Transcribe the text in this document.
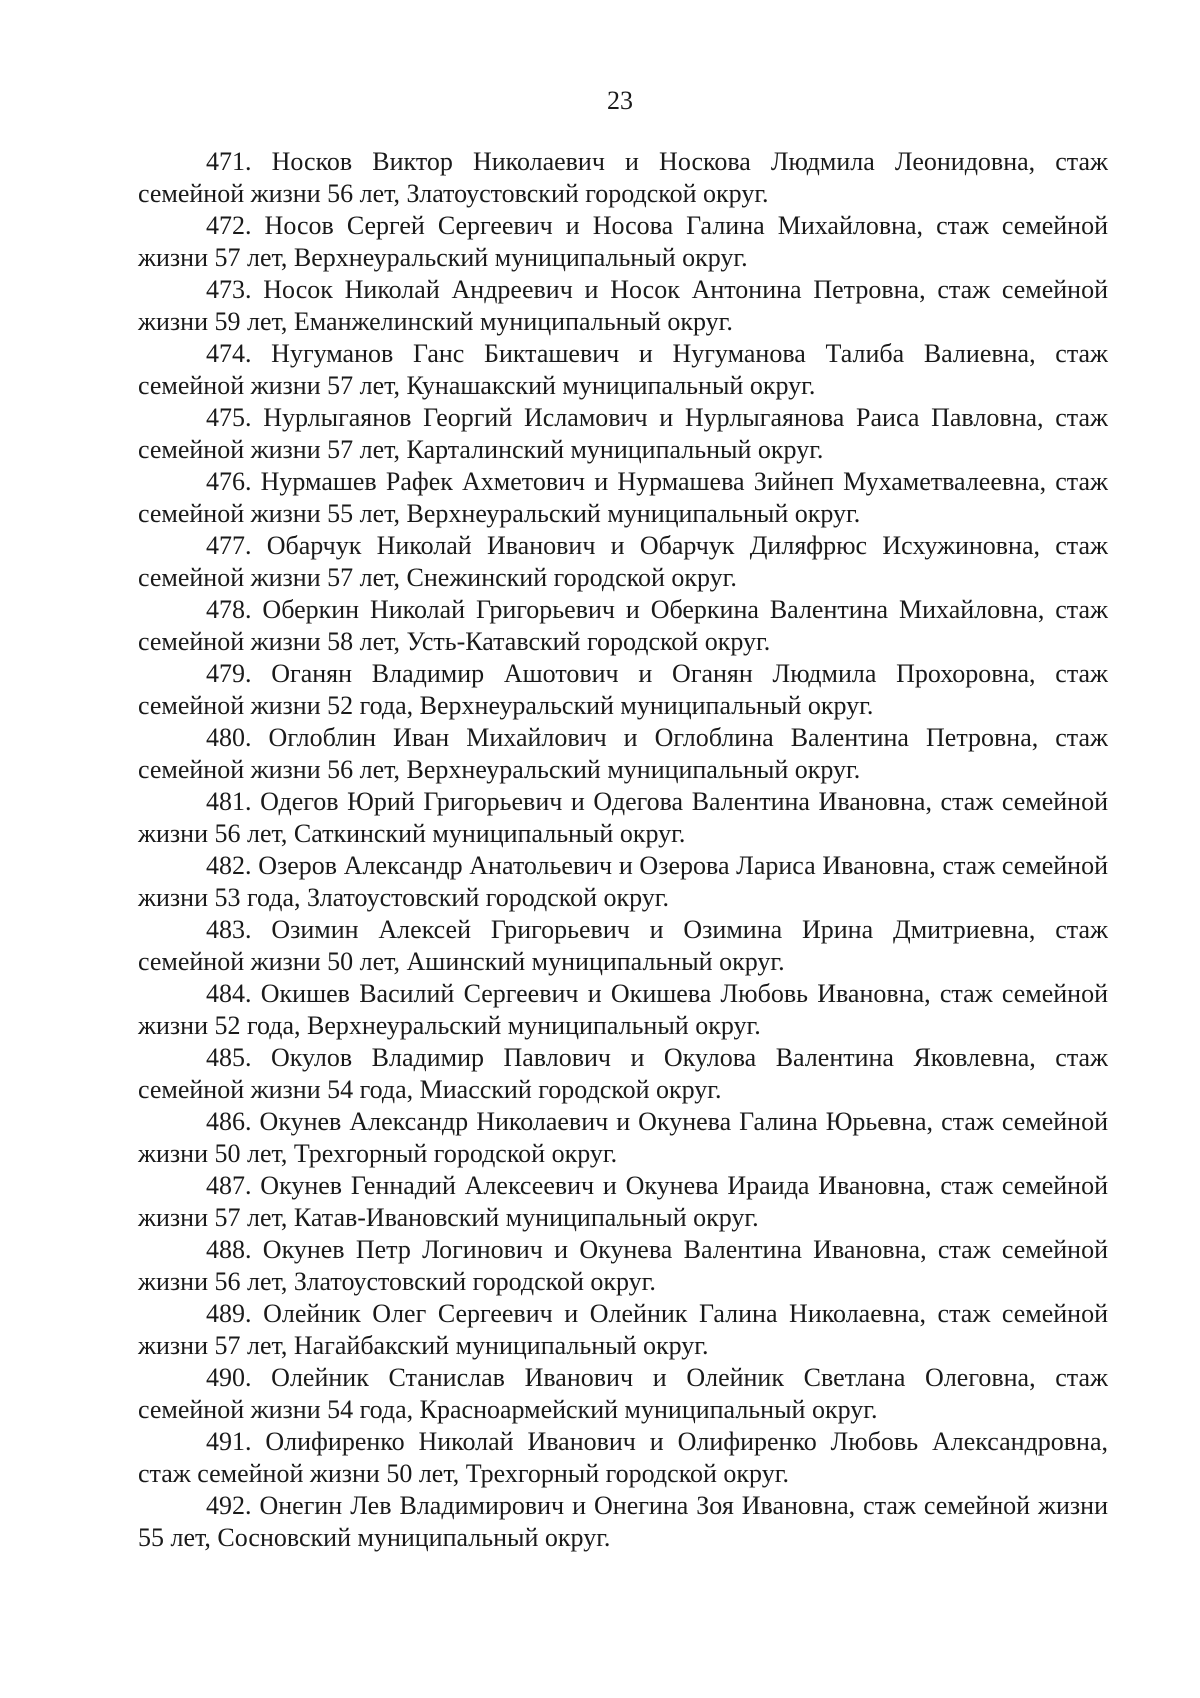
23

471. Носков Виктор Николаевич и Носкова Людмила Леонидовна, стаж семейной жизни 56 лет, Златоустовский городской округ.

472. Носов Сергей Сергеевич и Носова Галина Михайловна, стаж семейной жизни 57 лет, Верхнеуральский муниципальный округ.

473. Носок Николай Андреевич и Носок Антонина Петровна, стаж семейной жизни 59 лет, Еманжелинский муниципальный округ.

474. Нугуманов Ганс Бикташевич и Нугуманова Талиба Валиевна, стаж семейной жизни 57 лет, Кунашакский муниципальный округ.

475. Нурлыгаянов Георгий Исламович и Нурлыгаянова Раиса Павловна, стаж семейной жизни 57 лет, Карталинский муниципальный округ.

476. Нурмашев Рафек Ахметович и Нурмашева Зийнеп Мухаметвалеевна, стаж семейной жизни 55 лет, Верхнеуральский муниципальный округ.

477. Обарчук Николай Иванович и Обарчук Диляфрюс Исхужиновна, стаж семейной жизни 57 лет, Снежинский городской округ.

478. Оберкин Николай Григорьевич и Оберкина Валентина Михайловна, стаж семейной жизни 58 лет, Усть-Катавский городской округ.

479. Оганян Владимир Ашотович и Оганян Людмила Прохоровна, стаж семейной жизни 52 года, Верхнеуральский муниципальный округ.

480. Оглоблин Иван Михайлович и Оглоблина Валентина Петровна, стаж семейной жизни 56 лет, Верхнеуральский муниципальный округ.

481. Одегов Юрий Григорьевич и Одегова Валентина Ивановна, стаж семейной жизни 56 лет, Саткинский муниципальный округ.

482. Озеров Александр Анатольевич и Озерова Лариса Ивановна, стаж семейной жизни 53 года, Златоустовский городской округ.

483. Озимин Алексей Григорьевич и Озимина Ирина Дмитриевна, стаж семейной жизни 50 лет, Ашинский муниципальный округ.

484. Окишев Василий Сергеевич и Окишева Любовь Ивановна, стаж семейной жизни 52 года, Верхнеуральский муниципальный округ.

485. Окулов Владимир Павлович и Окулова Валентина Яковлевна, стаж семейной жизни 54 года, Миасский городской округ.

486. Окунев Александр Николаевич и Окунева Галина Юрьевна, стаж семейной жизни 50 лет, Трехгорный городской округ.

487. Окунев Геннадий Алексеевич и Окунева Ираида Ивановна, стаж семейной жизни 57 лет, Катав-Ивановский муниципальный округ.

488. Окунев Петр Логинович и Окунева Валентина Ивановна, стаж семейной жизни 56 лет, Златоустовский городской округ.

489. Олейник Олег Сергеевич и Олейник Галина Николаевна, стаж семейной жизни 57 лет, Нагайбакский муниципальный округ.

490. Олейник Станислав Иванович и Олейник Светлана Олеговна, стаж семейной жизни 54 года, Красноармейский муниципальный округ.

491. Олифиренко Николай Иванович и Олифиренко Любовь Александровна, стаж семейной жизни 50 лет, Трехгорный городской округ.

492. Онегин Лев Владимирович и Онегина Зоя Ивановна, стаж семейной жизни 55 лет, Сосновский муниципальный округ.
